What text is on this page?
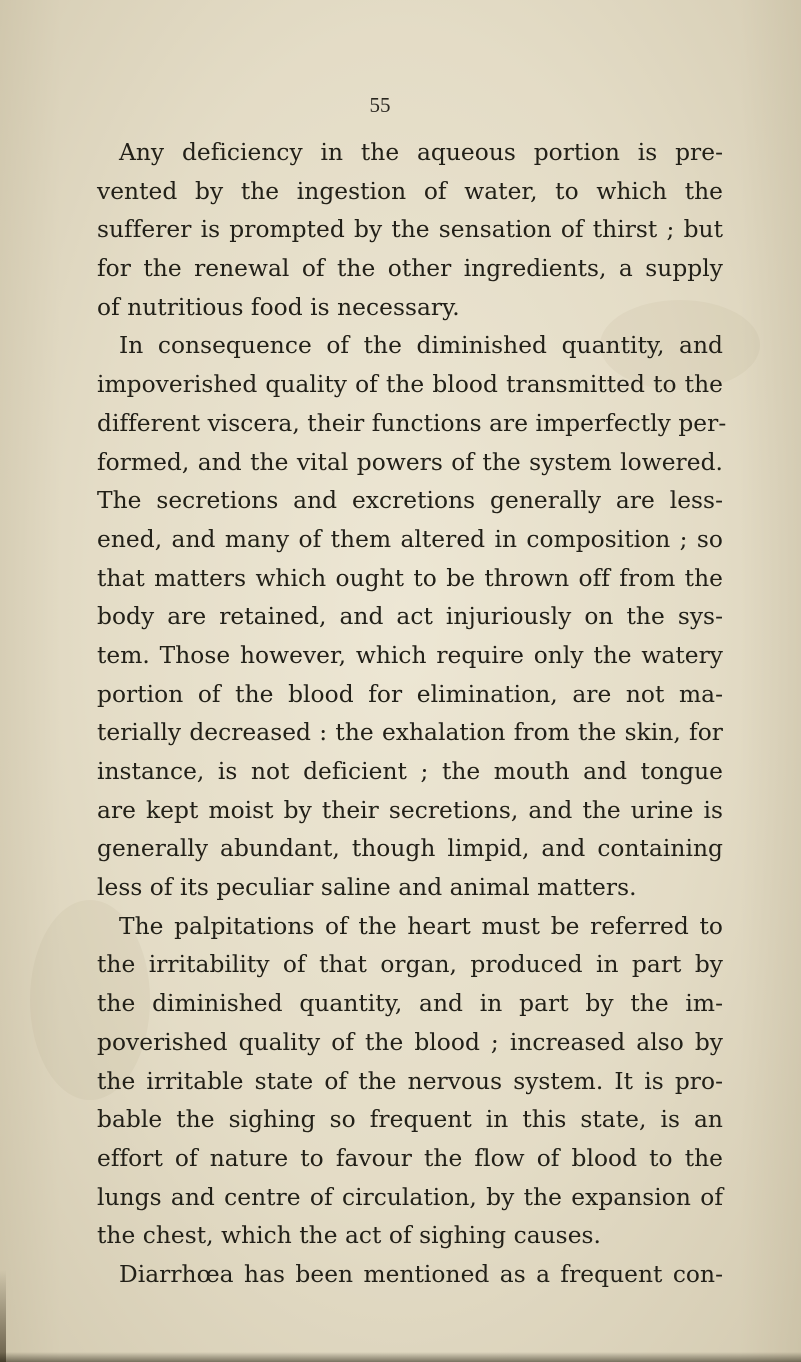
55
Any deficiency in the aqueous portion is pre-
vented by the ingestion of water, to which the
sufferer is prompted by the sensation of thirst ; but
for the renewal of the other ingredients, a supply
of nutritious food is necessary.
In consequence of the diminished quantity, and
impoverished quality of the blood transmitted to the
different viscera, their functions are imperfectly per-
formed, and the vital powers of the system lowered.
The secretions and excretions generally are less-
ened, and many of them altered in composition ; so
that matters which ought to be thrown off from the
body are retained, and act injuriously on the sys-
tem. Those however, which require only the watery
portion of the blood for elimination, are not ma-
terially decreased : the exhalation from the skin, for
instance, is not deficient ; the mouth and tongue
are kept moist by their secretions, and the urine is
generally abundant, though limpid, and containing
less of its peculiar saline and animal matters.
The palpitations of the heart must be referred to
the irritability of that organ, produced in part by
the diminished quantity, and in part by the im-
poverished quality of the blood ; increased also by
the irritable state of the nervous system. It is pro-
bable the sighing so frequent in this state, is an
effort of nature to favour the flow of blood to the
lungs and centre of circulation, by the expansion of
the chest, which the act of sighing causes.
Diarrhœa has been mentioned as a frequent con-
